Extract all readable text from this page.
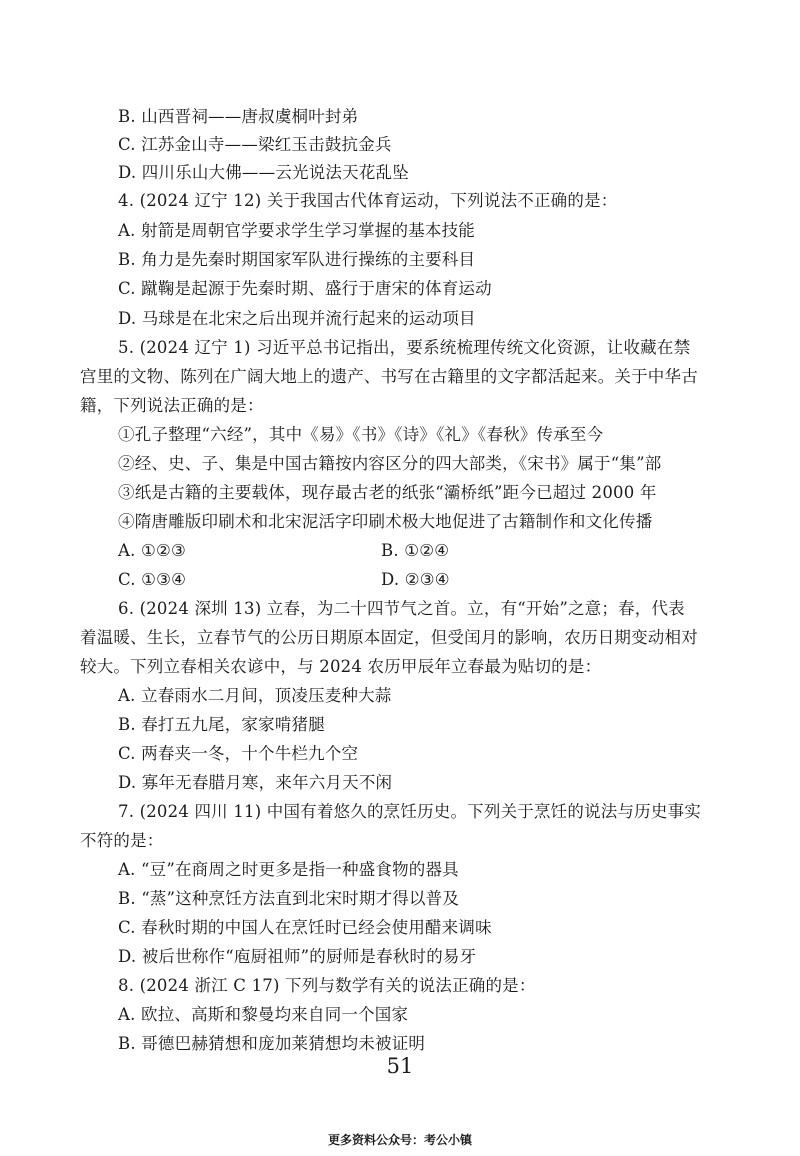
B. 山西晋祠——唐叔虞桐叶封弟
C. 江苏金山寺——梁红玉击鼓抗金兵
D. 四川乐山大佛——云光说法天花乱坠
4. (2024 辽宁 12) 关于我国古代体育运动，下列说法不正确的是：
A. 射箭是周朝官学要求学生学习掌握的基本技能
B. 角力是先秦时期国家军队进行操练的主要科目
C. 蹴鞠是起源于先秦时期、盛行于唐宋的体育运动
D. 马球是在北宋之后出现并流行起来的运动项目
5. (2024 辽宁 1) 习近平总书记指出，要系统梳理传统文化资源，让收藏在禁
宫里的文物、陈列在广阔大地上的遗产、书写在古籍里的文字都活起来。关于中华古
籍，下列说法正确的是：
①孔子整理“六经”，其中《易》《书》《诗》《礼》《春秋》传承至今
②经、史、子、集是中国古籍按内容区分的四大部类，《宋书》属于“集”部
③纸是古籍的主要载体，现存最古老的纸张“灞桥纸”距今已超过 2000 年
④隋唐雕版印刷术和北宋泥活字印刷术极大地促进了古籍制作和文化传播
A. ①②③	B. ①②④
C. ①③④	D. ②③④
6. (2024 深圳 13) 立春，为二十四节气之首。立，有“开始”之意；春，代表
着温暖、生长，立春节气的公历日期原本固定，但受闰月的影响，农历日期变动相对
较大。下列立春相关农谚中，与 2024 农历甲辰年立春最为贴切的是：
A. 立春雨水二月间，顶凌压麦种大蒜
B. 春打五九尾，家家啃猪腿
C. 两春夹一冬，十个牛栏九个空
D. 寡年无春腊月寒，来年六月天不闲
7. (2024 四川 11) 中国有着悠久的烹饪历史。下列关于烹饪的说法与历史事实
不符的是：
A. “豆”在商周之时更多是指一种盛食物的器具
B. “蒸”这种烹饪方法直到北宋时期才得以普及
C. 春秋时期的中国人在烹饪时已经会使用醋来调味
D. 被后世称作“庖厨祖师”的厨师是春秋时的易牙
8. (2024 浙江 C 17) 下列与数学有关的说法正确的是：
A. 欧拉、高斯和黎曼均来自同一个国家
B. 哥德巴赫猜想和庞加莱猜想均未被证明
51
更多资料公众号：考公小镇
